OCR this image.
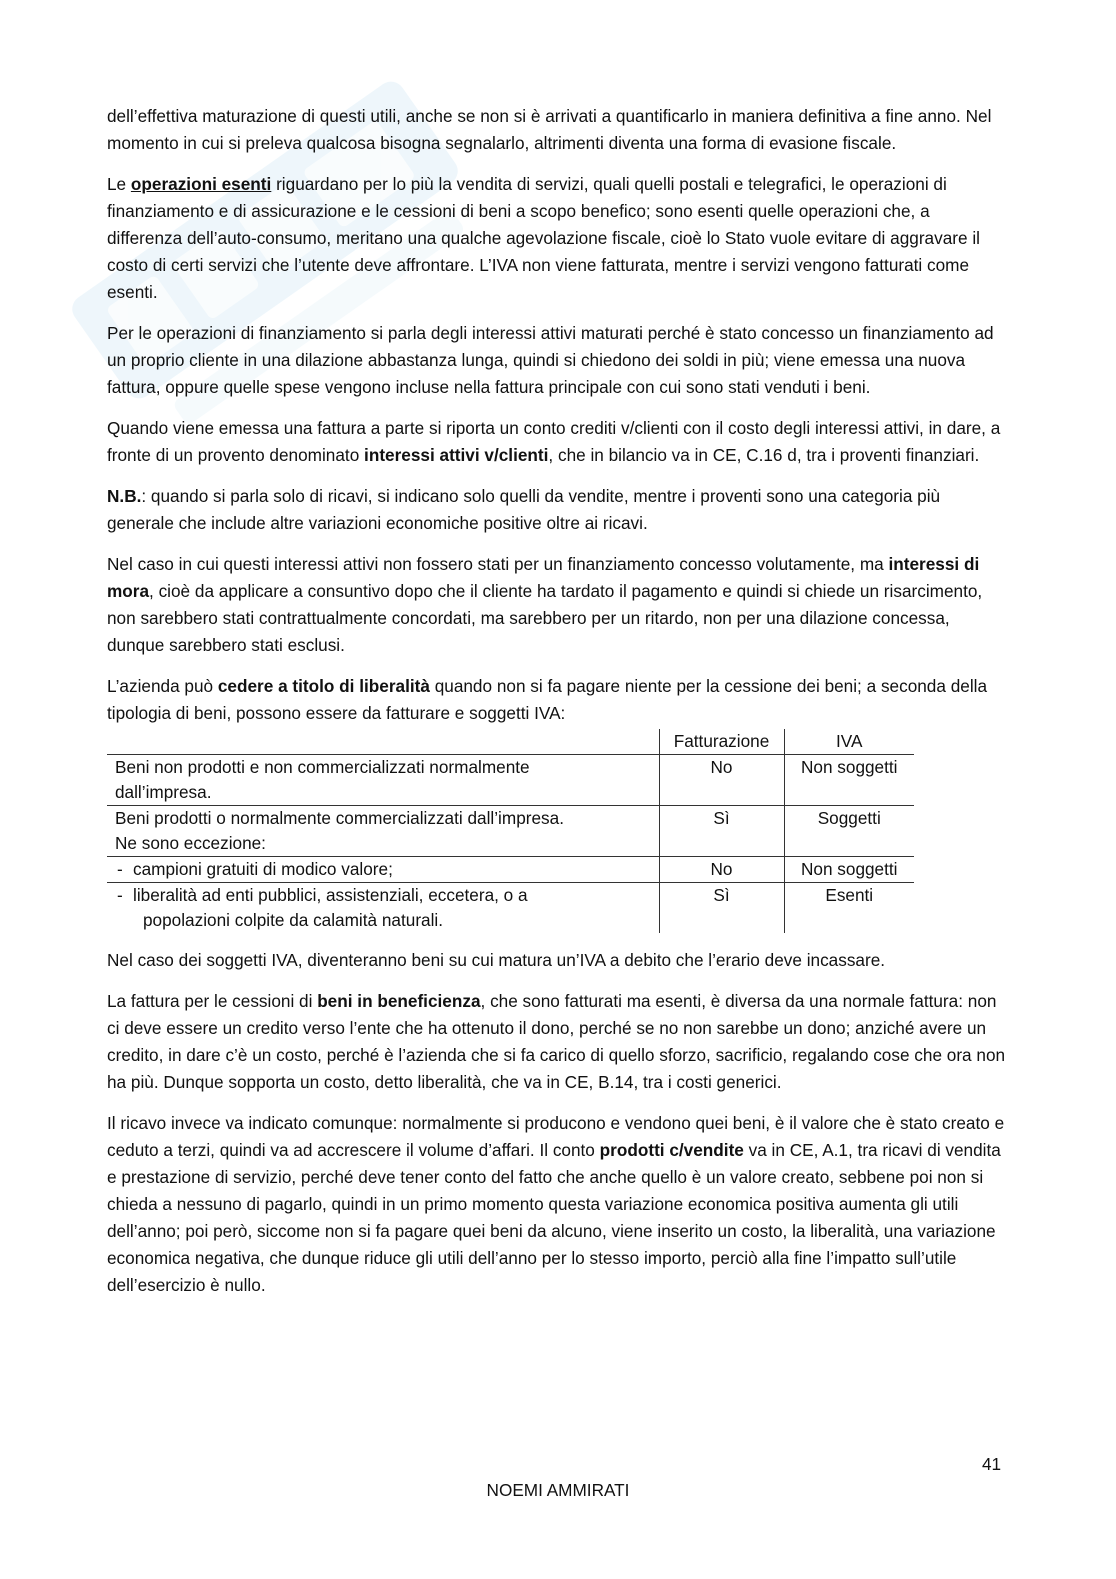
dell’effettiva maturazione di questi utili, anche se non si è arrivati a quantificarlo in maniera definitiva a fine anno. Nel momento in cui si preleva qualcosa bisogna segnalarlo, altrimenti diventa una forma di evasione fiscale.

Le operazioni esenti riguardano per lo più la vendita di servizi, quali quelli postali e telegrafici, le operazioni di finanziamento e di assicurazione e le cessioni di beni a scopo benefico; sono esenti quelle operazioni che, a differenza dell’auto-consumo, meritano una qualche agevolazione fiscale, cioè lo Stato vuole evitare di aggravare il costo di certi servizi che l’utente deve affrontare. L’IVA non viene fatturata, mentre i servizi vengono fatturati come esenti.

Per le operazioni di finanziamento si parla degli interessi attivi maturati perché è stato concesso un finanziamento ad un proprio cliente in una dilazione abbastanza lunga, quindi si chiedono dei soldi in più; viene emessa una nuova fattura, oppure quelle spese vengono incluse nella fattura principale con cui sono stati venduti i beni.

Quando viene emessa una fattura a parte si riporta un conto crediti v/clienti con il costo degli interessi attivi, in dare, a fronte di un provento denominato interessi attivi v/clienti, che in bilancio va in CE, C.16 d, tra i proventi finanziari.

N.B.: quando si parla solo di ricavi, si indicano solo quelli da vendite, mentre i proventi sono una categoria più generale che include altre variazioni economiche positive oltre ai ricavi.

Nel caso in cui questi interessi attivi non fossero stati per un finanziamento concesso volutamente, ma interessi di mora, cioè da applicare a consuntivo dopo che il cliente ha tardato il pagamento e quindi si chiede un risarcimento, non sarebbero stati contrattualmente concordati, ma sarebbero per un ritardo, non per una dilazione concessa, dunque sarebbero stati esclusi.

L’azienda può cedere a titolo di liberalità quando non si fa pagare niente per la cessione dei beni; a seconda della tipologia di beni, possono essere da fatturare e soggetti IVA:

	Fatturazione	IVA
Beni non prodotti e non commercializzati normalmente
dall’impresa.	No	Non soggetti
Beni prodotti o normalmente commercializzati dall’impresa.
Ne sono eccezione:	Sì	Soggetti
- campioni gratuiti di modico valore;	No	Non soggetti
- liberalità ad enti pubblici, assistenziali, eccetera, o a
popolazioni colpite da calamità naturali.	Sì	Esenti

Nel caso dei soggetti IVA, diventeranno beni su cui matura un’IVA a debito che l’erario deve incassare.

La fattura per le cessioni di beni in beneficienza, che sono fatturati ma esenti, è diversa da una normale fattura: non ci deve essere un credito verso l’ente che ha ottenuto il dono, perché se no non sarebbe un dono; anziché avere un credito, in dare c’è un costo, perché è l’azienda che si fa carico di quello sforzo, sacrificio, regalando cose che ora non ha più. Dunque sopporta un costo, detto liberalità, che va in CE, B.14, tra i costi generici.

Il ricavo invece va indicato comunque: normalmente si producono e vendono quei beni, è il valore che è stato creato e ceduto a terzi, quindi va ad accrescere il volume d’affari. Il conto prodotti c/vendite va in CE, A.1, tra ricavi di vendita e prestazione di servizio, perché deve tener conto del fatto che anche quello è un valore creato, sebbene poi non si chieda a nessuno di pagarlo, quindi in un primo momento questa variazione economica positiva aumenta gli utili dell’anno; poi però, siccome non si fa pagare quei beni da alcuno, viene inserito un costo, la liberalità, una variazione economica negativa, che dunque riduce gli utili dell’anno per lo stesso importo, perciò alla fine l’impatto sull’utile dell’esercizio è nullo.

41
NOEMI AMMIRATI
